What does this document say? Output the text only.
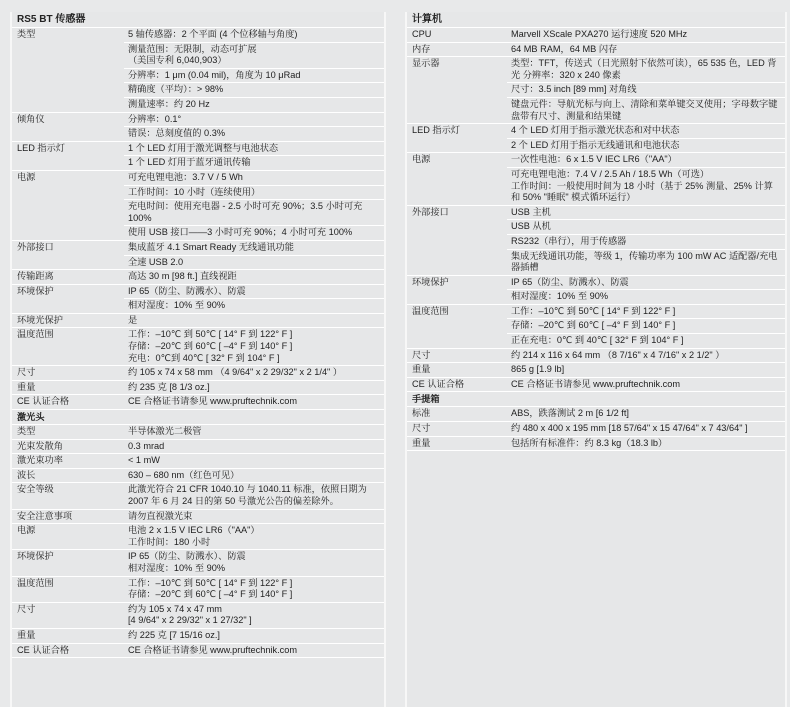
RS5 BT 传感器
类型	5 轴传感器：2 个平面 (4 个位移轴与角度)
测量范围：无限制，动态可扩展
（美国专利 6,040,903）
分辨率：1 μm (0.04 mil)，角度为 10 μRad
精确度（平均）：> 98%
测量速率：约 20 Hz
倾角仪	分辨率：0.1°
错误：总刻度值的 0.3%
LED 指示灯	1 个 LED 灯用于激光调整与电池状态
1 个 LED 灯用于蓝牙通讯传输
电源	可充电锂电池：3.7 V / 5 Wh
工作时间：10 小时（连续使用）
充电时间：使用充电器 - 2.5 小时可充 90%；3.5 小时可充 100%
使用 USB 接口——3 小时可充 90%；4 小时可充 100%
外部接口	集成蓝牙 4.1 Smart Ready 无线通讯功能
全速 USB 2.0
传输距离	高达 30 m [98 ft.] 直线视距
环境保护	IP 65（防尘、防溅水）、防震
相对湿度：10% 至 90%
环境光保护	是

温度范围	工作：–10℃ 到 50℃ [ 14° F 到 122° F ]
存储：–20℃ 到 60℃ [ –4° F 到 140° F ]
充电：0℃到 40℃ [ 32° F 到 104° F ]
尺寸	约 105 x 74 x 58 mm （4 9/64" x 2 29/32" x 2 1/4" ）
重量	约 235 克 [8 1/3 oz.]
CE 认证合格	CE 合格证书请参见 www.pruftechnik.com
激光头
类型	半导体激光二极管
光束发散角	0.3 mrad
激光束功率	< 1 mW
波长	630 – 680 nm（红色可见）
安全等级	此激光符合 21 CFR 1040.10 与 1040.11 标准，依照日期为 2007 年 6 月 24 日的第 50 号激光公告的偏差除外。
安全注意事项	请勿直视激光束
电源	电池 2 x 1.5 V IEC LR6（"AA"）
工作时间：180 小时
环境保护	IP 65（防尘、防溅水）、防震
相对湿度：10% 至 90%
温度范围	工作：–10℃ 到 50℃ [ 14° F 到 122° F ]
存储：–20℃ 到 60℃ [ –4° F 到 140° F ]
尺寸	约为 105 x 74 x 47 mm
[4 9/64" x 2 29/32" x 1 27/32" ]
重量	约 225 克 [7 15/16 oz.]
CE 认证合格	CE 合格证书请参见 www.pruftechnik.com
计算机
CPU	Marvell XScale PXA270 运行速度 520 MHz
内存	64 MB RAM，64 MB 闪存
显示器	类型：TFT，传送式（日光照射下依然可读），65 535 色，LED 背光 分辨率：320 x 240 像素
尺寸：3.5 inch [89 mm] 对角线
键盘元件：导航光标与向上、清除和菜单键交叉使用；字母数字键盘带有尺寸、测量和结果键
LED 指示灯	4 个 LED 灯用于指示激光状态和对中状态
2 个 LED 灯用于指示无线通讯和电池状态
电源	一次性电池：6 x 1.5 V IEC LR6（"AA"）
可充电锂电池：7.4 V / 2.5 Ah / 18.5 Wh（可选）
工作时间：一般使用时间为 18 小时（基于 25% 测量、25% 计算和 50% "睡眠" 模式循环运行）
外部接口	USB 主机
USB 从机
RS232（串行），用于传感器
集成无线通讯功能，等级 1，传输功率为 100 mW AC 适配器/充电器插槽
环境保护	IP 65（防尘、防溅水）、防震
相对湿度：10% 至 90%
温度范围	工作：–10℃ 到 50℃ [ 14° F 到 122° F ]
存储：–20℃ 到 60℃ [ –4° F 到 140° F ]
正在充电：0℃ 到 40℃ [ 32° F 到 104° F ]
尺寸	约 214 x 116 x 64 mm （8 7/16" x 4 7/16" x 2 1/2" ）
重量	865 g [1.9 lb]
CE 认证合格	CE 合格证书请参见 www.pruftechnik.com
手提箱
标准	ABS，跌落测试 2 m [6 1/2 ft]
尺寸	约 480 x 400 x 195 mm [18 57/64" x 15 47/64" x 7 43/64" ]
重量	包括所有标准件：约 8.3 kg（18.3 lb）
